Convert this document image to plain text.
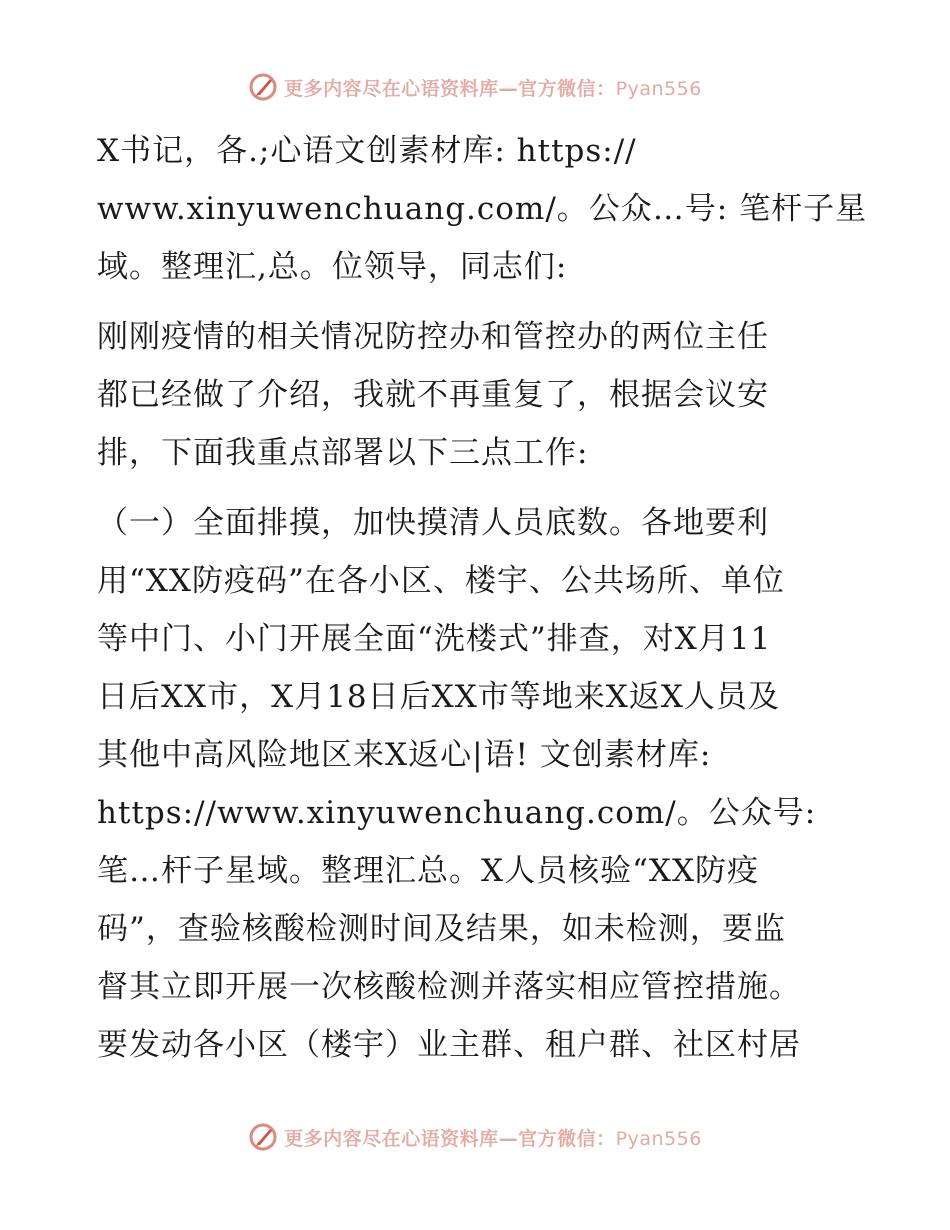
更多内容尽在心语资料库—官方微信：Pyan556

X书记，各.;心语文创素材库: https://
www.xinyuwenchuang.com/。公众…号: 笔杆子星
域。整理汇,总。位领导，同志们:

刚刚疫情的相关情况防控办和管控办的两位主任
都已经做了介绍，我就不再重复了，根据会议安
排，下面我重点部署以下三点工作:

（一）全面排摸，加快摸清人员底数。各地要利
用“XX防疫码”在各小区、楼宇、公共场所、单位
等中门、小门开展全面“洗楼式”排查，对X月11
日后XX市，X月18日后XX市等地来X返X人员及
其他中高风险地区来X返心|语! 文创素材库:
https://www.xinyuwenchuang.com/。公众号:
笔…杆子星域。整理汇总。X人员核验“XX防疫
码”，查验核酸检测时间及结果，如未检测，要监
督其立即开展一次核酸检测并落实相应管控措施。
要发动各小区（楼宇）业主群、租户群、社区村居

更多内容尽在心语资料库—官方微信：Pyan556
